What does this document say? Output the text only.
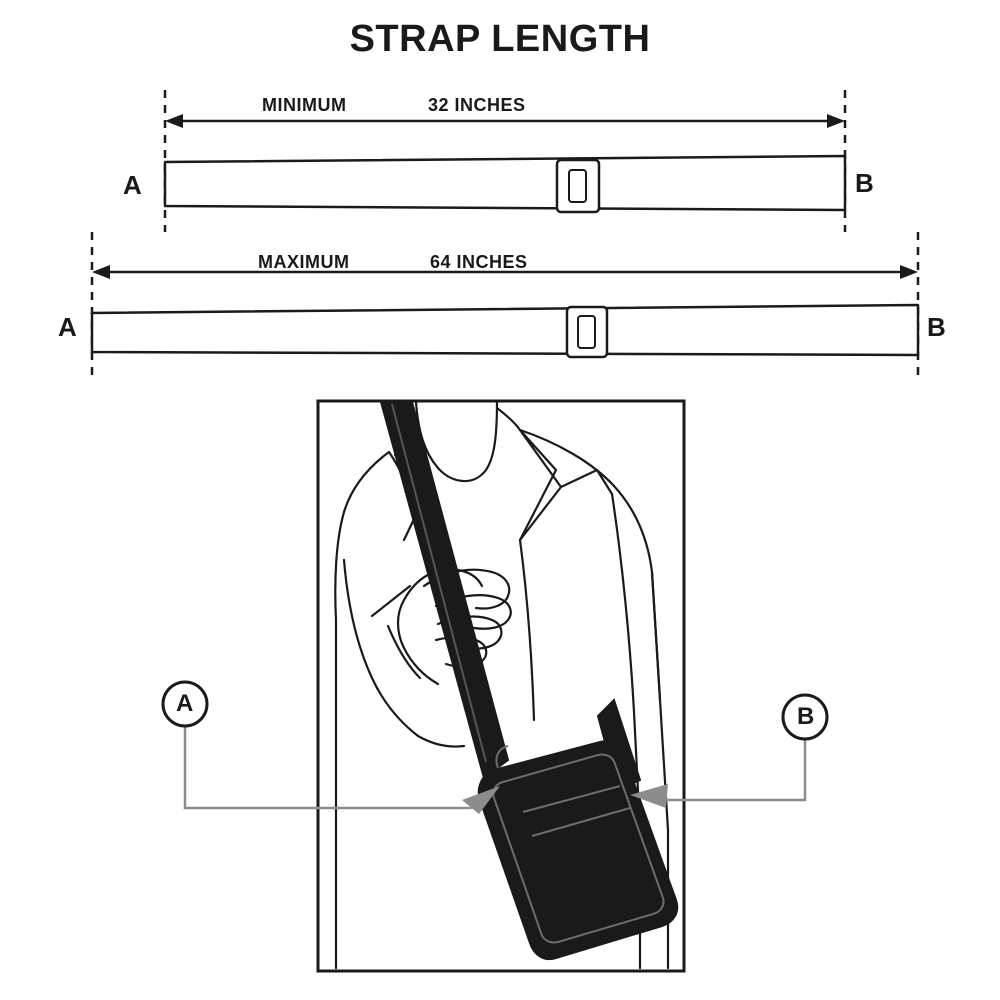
STRAP LENGTH
MINIMUM	32 INCHES
A	B
MAXIMUM	64 INCHES
A	B
A	B
